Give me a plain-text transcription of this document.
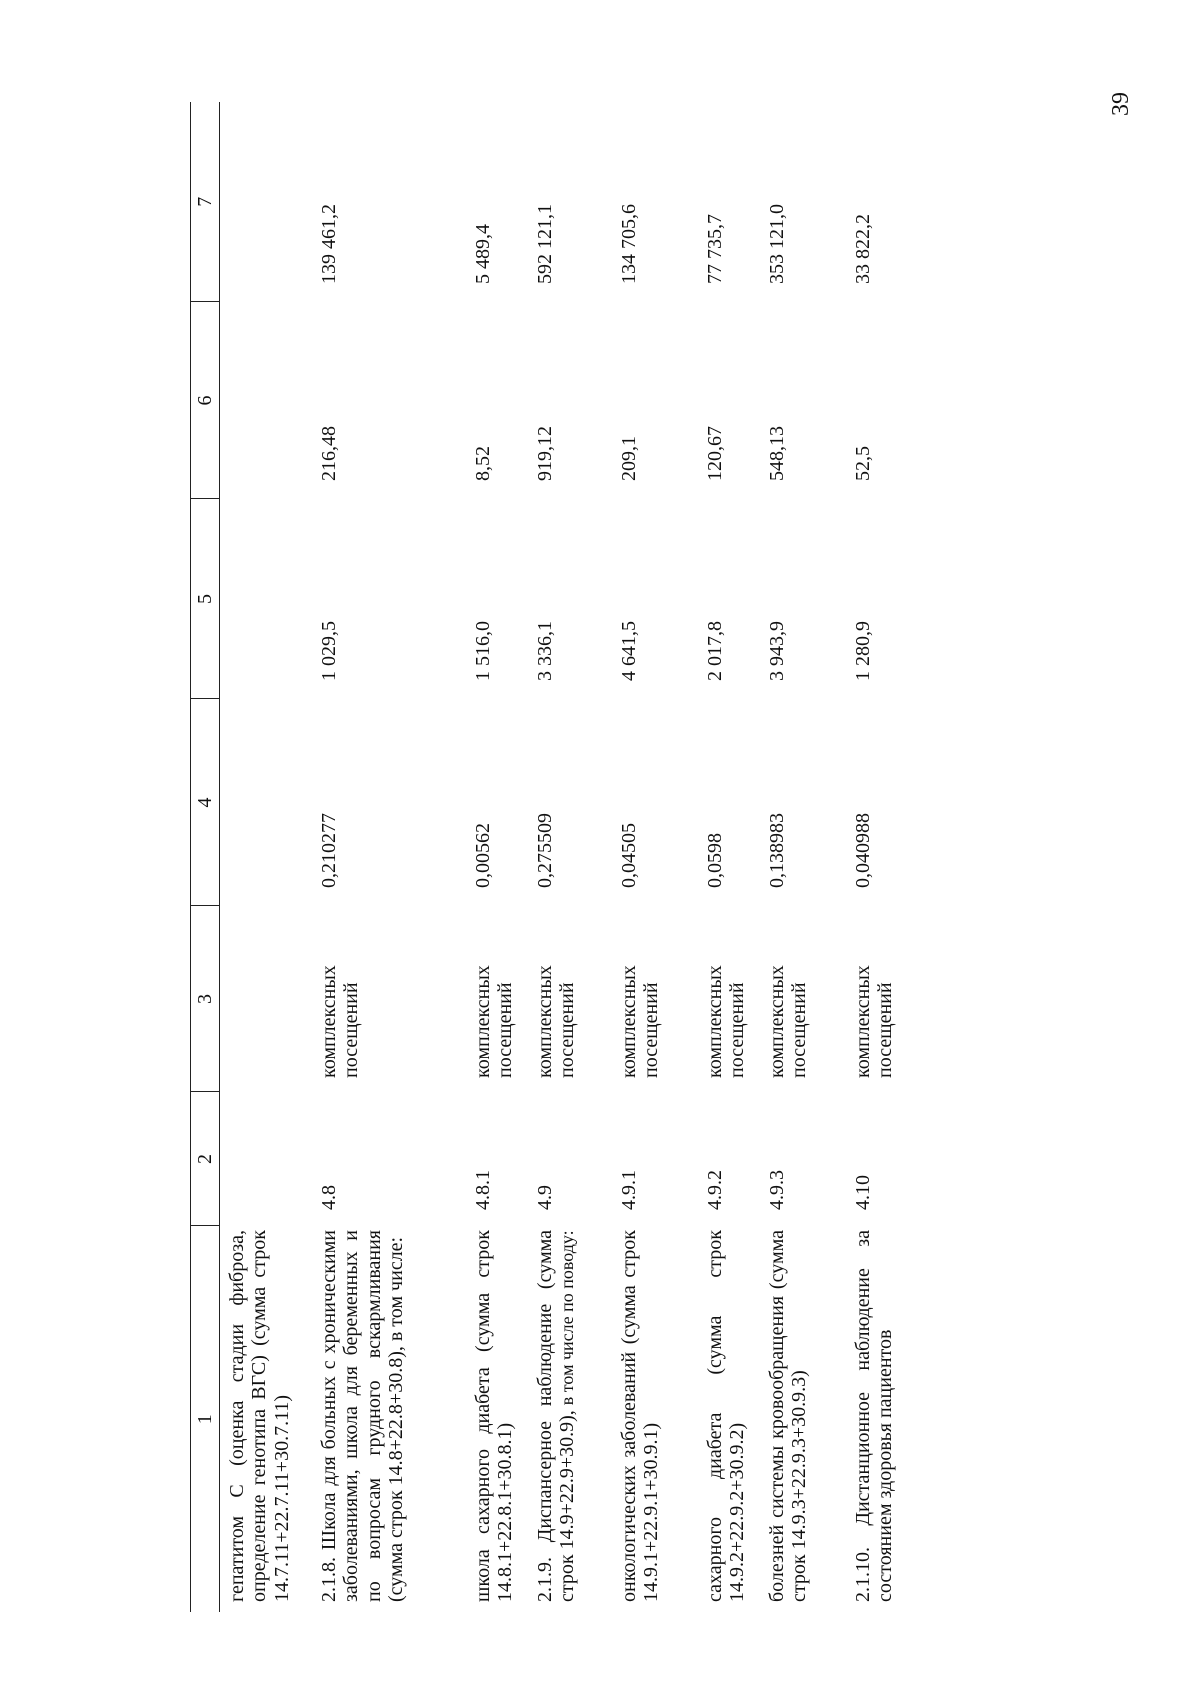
39
1	2	3	4	5	6	7
гепатитом С (оценка стадии фиброза, определение генотипа ВГС) (сумма строк 14.7.11+22.7.11+30.7.11)						
2.1.8. Школа для больных с хроническими заболеваниями, школа для беременных и по вопросам грудного вскармливания (сумма строк 14.8+22.8+30.8), в том числе:	4.8	комплексных посещений	0,210277	1 029,5	216,48	139 461,2
школа сахарного диабета (сумма строк 14.8.1+22.8.1+30.8.1)	4.8.1	комплексных посещений	0,00562	1 516,0	8,52	5 489,4
2.1.9. Диспансерное наблюдение (сумма строк 14.9+22.9+30.9), в том числе по поводу:	4.9	комплексных посещений	0,275509	3 336,1	919,12	592 121,1
онкологических заболеваний (сумма строк 14.9.1+22.9.1+30.9.1)	4.9.1	комплексных посещений	0,04505	4 641,5	209,1	134 705,6
сахарного диабета (сумма строк 14.9.2+22.9.2+30.9.2)	4.9.2	комплексных посещений	0,0598	2 017,8	120,67	77 735,7
болезней системы кровообращения (сумма строк 14.9.3+22.9.3+30.9.3)	4.9.3	комплексных посещений	0,138983	3 943,9	548,13	353 121,0
2.1.10. Дистанционное наблюдение за состоянием здоровья пациентов	4.10	комплексных посещений	0,040988	1 280,9	52,5	33 822,2
